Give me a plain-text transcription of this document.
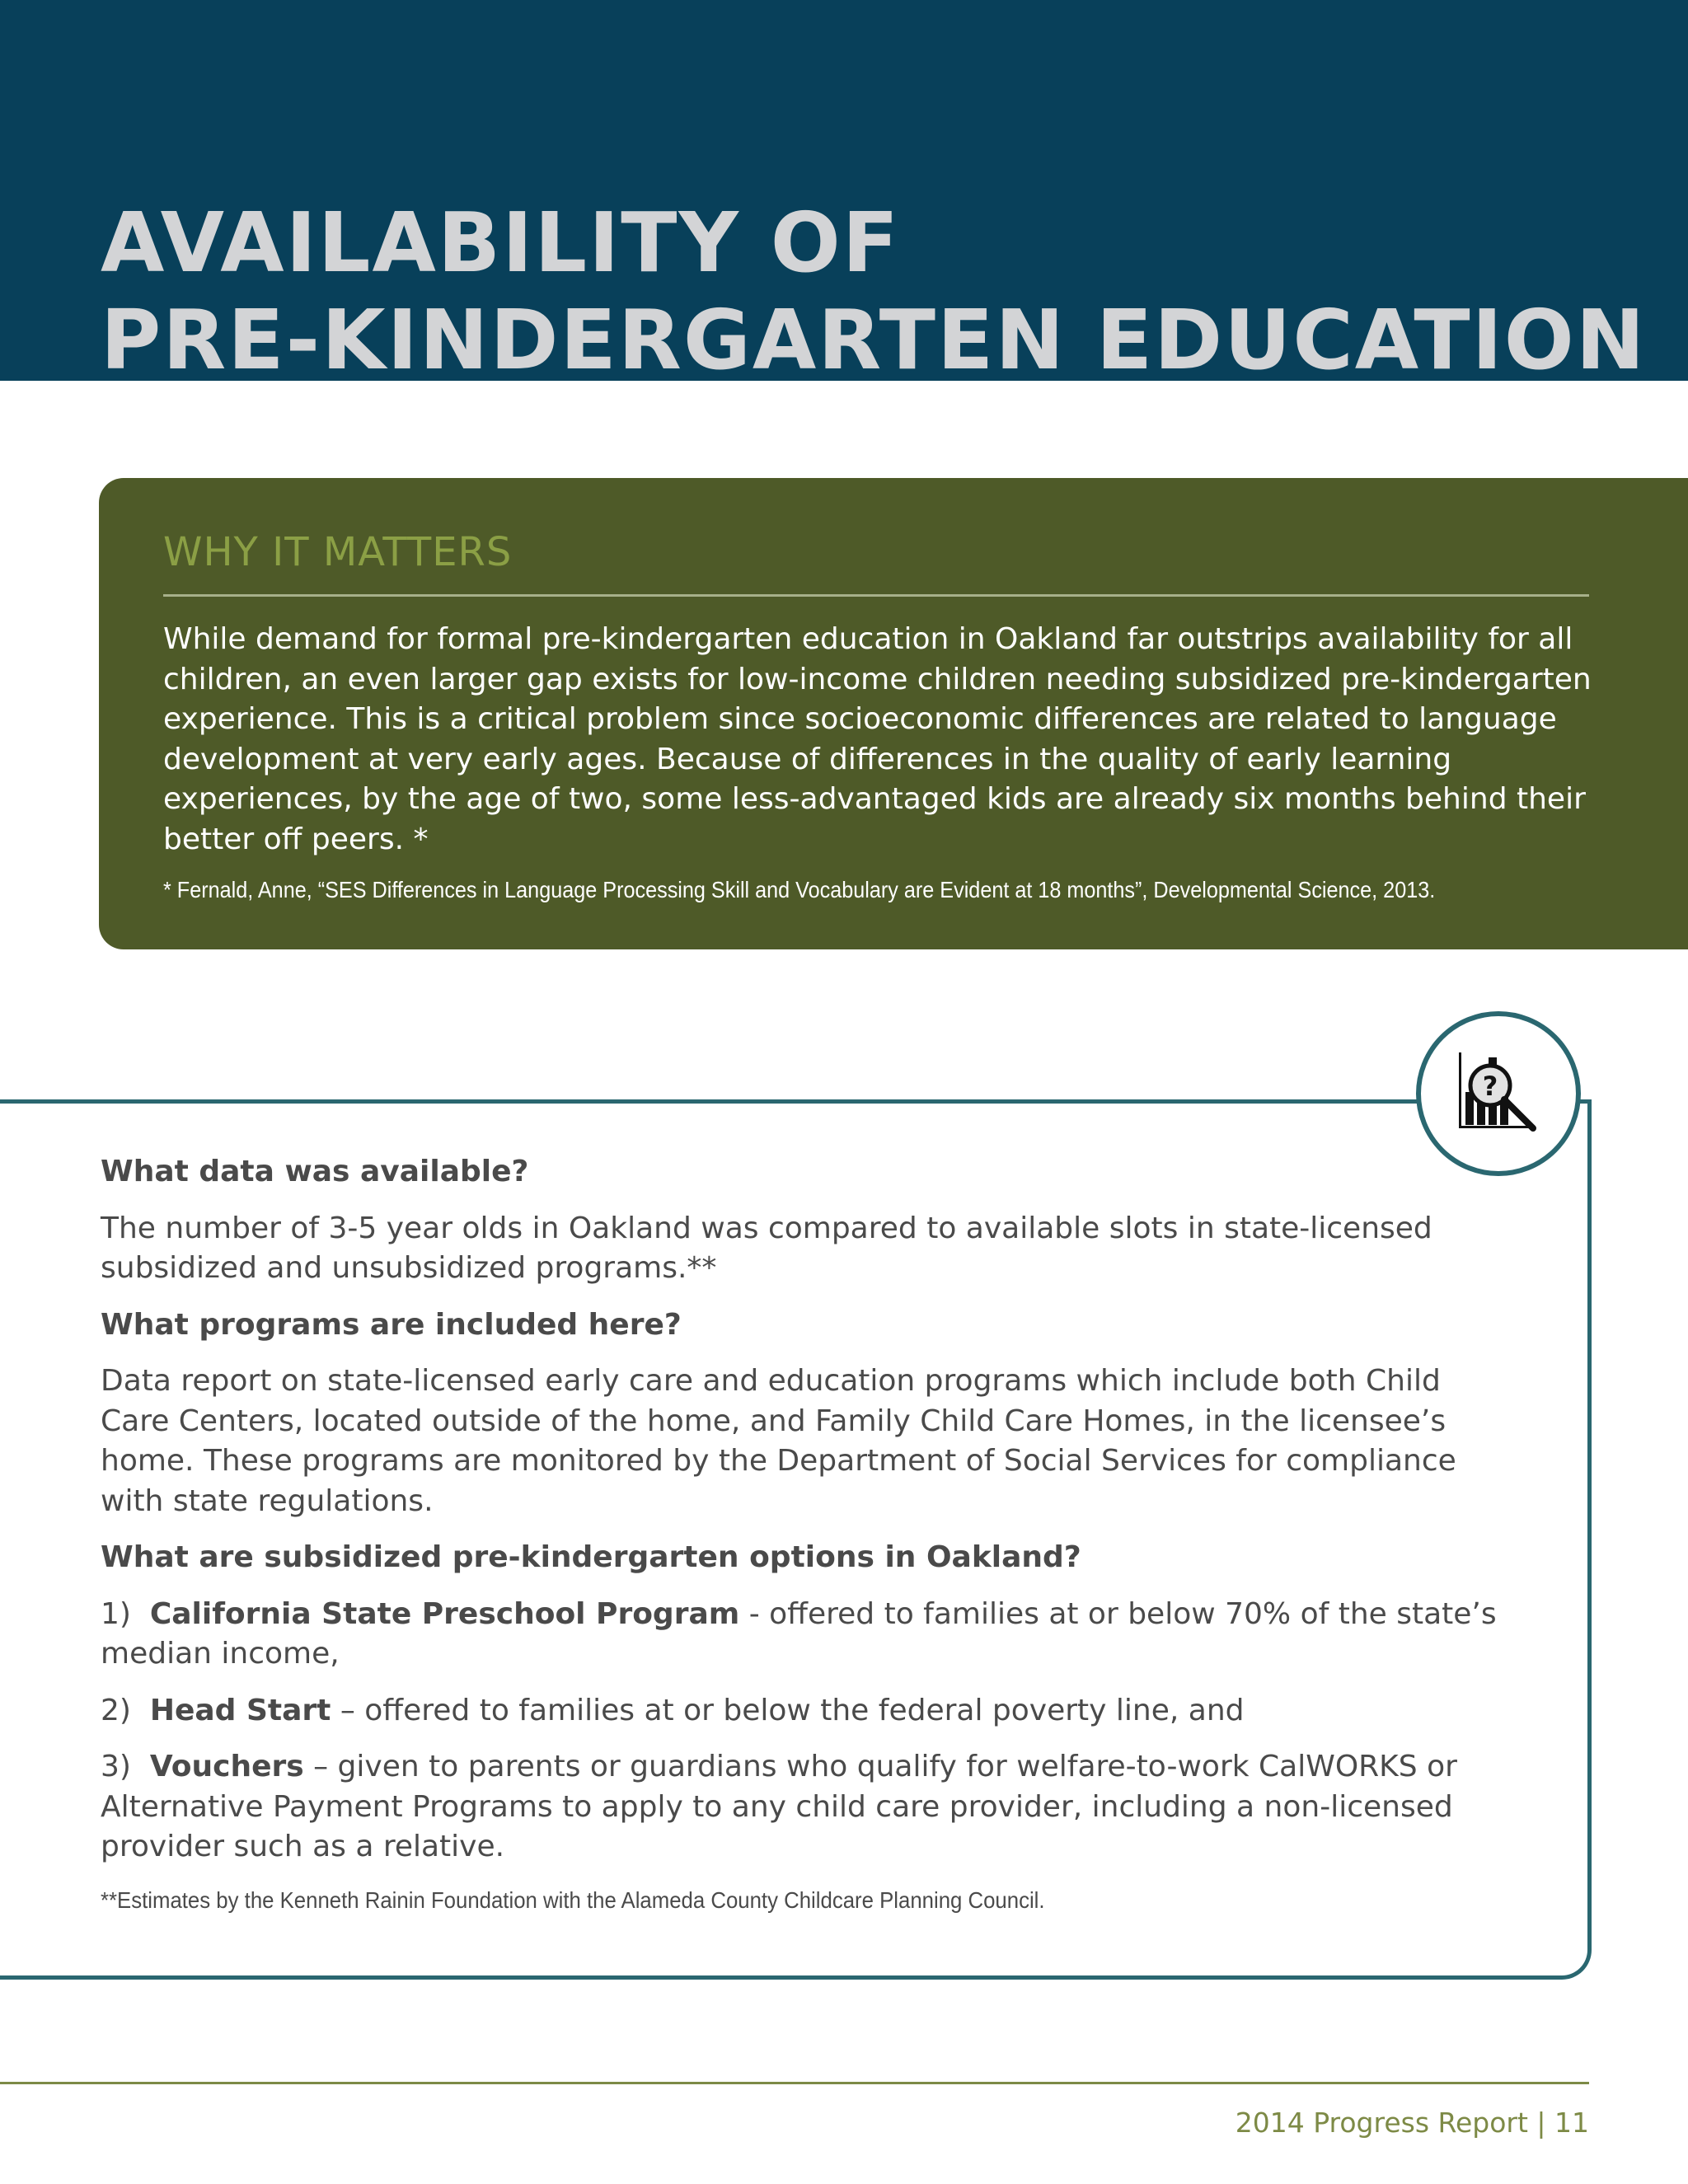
AVAILABILITY OF
PRE-KINDERGARTEN EDUCATION
WHY IT MATTERS

While demand for formal pre-kindergarten education in Oakland far outstrips availability for all children, an even larger gap exists for low-income children needing subsidized pre-kindergarten experience. This is a critical problem since socioeconomic differences are related to language development at very early ages. Because of differences in the quality of early learning experiences, by the age of two, some less-advantaged kids are already six months behind their better off peers. *

* Fernald, Anne, “SES Differences in Language Processing Skill and Vocabulary are Evident at 18 months”, Developmental Science, 2013.

?

What data was available?

The number of 3-5 year olds in Oakland was compared to available slots in state-licensed subsidized and unsubsidized programs.**

What programs are included here?

Data report on state-licensed early care and education programs which include both Child Care Centers, located outside of the home, and Family Child Care Homes, in the licensee’s home. These programs are monitored by the Department of Social Services for compliance with state regulations.

What are subsidized pre-kindergarten options in Oakland?

1) California State Preschool Program - offered to families at or below 70% of the state’s median income,

2) Head Start – offered to families at or below the federal poverty line, and

3) Vouchers – given to parents or guardians who qualify for welfare-to-work CalWORKS or Alternative Payment Programs to apply to any child care provider, including a non-licensed provider such as a relative.

**Estimates by the Kenneth Rainin Foundation with the Alameda County Childcare Planning Council.

2014 Progress Report | 11
